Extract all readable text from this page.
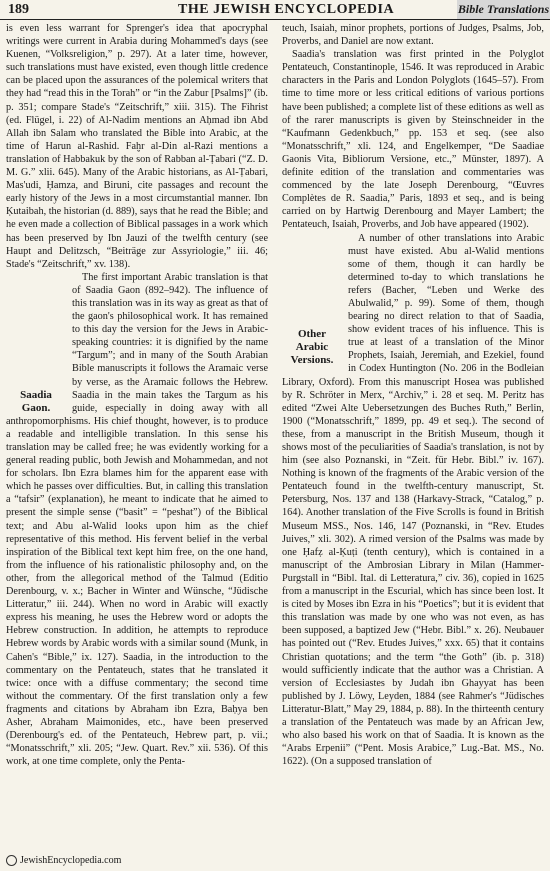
189	THE JEWISH ENCYCLOPEDIA	Bible Translations

is even less warrant for Sprenger's idea that apocryphal writings were current in Arabia during Mohammed's days (see Kuenen, “Volksreligion,” p. 297). At a later time, however, such translations must have existed, even though little credence can be placed upon the assurances of the polemical writers that they had “read this in the Torah” or “in the Zabur [Psalms]” (ib. p. 351; compare Stade's “Zeitschrift,” xiii. 315). The Fihrist (ed. Flügel, i. 22) of Al-Nadim mentions an Aḥmad ibn Abd Allah ibn Salam who translated the Bible into Arabic, at the time of Harun al-Rashid. Faḫr al-Din al-Razi mentions a translation of Habbakuk by the son of Rabban al-Ṭabari (“Z. D. M. G.” xlii. 645). Many of the Arabic historians, as Al-Ṭabari, Mas'udi, Ḥamza, and Biruni, cite passages and recount the early history of the Jews in a most circumstantial manner. Ibn Ḳutaibah, the historian (d. 889), says that he read the Bible; and he even made a collection of Biblical passages in a work which has been preserved by Ibn Jauzi of the twelfth century (see Haupt and Delitzsch, “Beiträge zur Assyriologie,” iii. 46; Stade's “Zeitschrift,” xv. 138).

Saadia Gaon.

The first important Arabic translation is that of Saadia Gaon (892–942). The influence of this translation was in its way as great as that of the gaon's philosophical work. It has remained to this day the version for the Jews in Arabic-speaking countries: it is dignified by the name “Targum”; and in many of the South Arabian Bible manuscripts it follows the Aramaic verse by verse, as the Aramaic follows the Hebrew. Saadia in the main takes the Targum as his guide, especially in doing away with all anthropomorphisms. His chief thought, however, is to produce a readable and intelligible translation. In this sense his translation may be called free; he was evidently working for a general reading public, both Jewish and Mohammedan, and not for scholars. Ibn Ezra blames him for the apparent ease with which he passes over difficulties. But, in calling this translation a “tafsir” (explanation), he meant to indicate that he aimed to present the simple sense (“basit” = “peshat”) of the Biblical text; and Abu al-Walid looks upon him as the chief representative of this method. His fervent belief in the verbal inspiration of the Biblical text kept him free, on the one hand, from the influence of his rationalistic philosophy and, on the other, from the allegorical method of the Talmud (Editio Derenbourg, v. x.; Bacher in Winter and Wünsche, “Jüdische Litteratur,” iii. 244). When no word in Arabic will exactly express his meaning, he uses the Hebrew word or adopts the Hebrew construction. In addition, he attempts to reproduce Hebrew words by Arabic words with a similar sound (Munk, in Cahen's “Bible,” ix. 127). Saadia, in the introduction to the commentary on the Pentateuch, states that he translated it twice: once with a diffuse commentary; the second time without the commentary. Of the first translation only a few fragments and citations by Abraham ibn Ezra, Baḥya ben Asher, Abraham Maimonides, etc., have been preserved (Derenbourg's ed. of the Pentateuch, Hebrew part, p. vii.; “Monatsschrift,” xli. 205; “Jew. Quart. Rev.” xii. 536). Of this work, at one time complete, only the Penta-

teuch, Isaiah, minor prophets, portions of Judges, Psalms, Job, Proverbs, and Daniel are now extant.

Saadia's translation was first printed in the Polyglot Pentateuch, Constantinople, 1546. It was reproduced in Arabic characters in the Paris and London Polyglots (1645–57). From time to time more or less critical editions of various portions have been published; a complete list of these editions as well as of the rarer manuscripts is given by Steinschneider in the “Kaufmann Gedenkbuch,” pp. 153 et seq. (see also “Monatsschrift,” xli. 124, and Engelkemper, “De Saadiae Gaonis Vita, Bibliorum Versione, etc.,” Münster, 1897). A definite edition of the translation and commentaries was commenced by the late Joseph Derenbourg, “Œuvres Complètes de R. Saadia,” Paris, 1893 et seq., and is being carried on by Hartwig Derenbourg and Mayer Lambert; the Pentateuch, Isaiah, Proverbs, and Job have appeared (1902).

Other Arabic Versions.

A number of other translations into Arabic must have existed. Abu al-Walid mentions some of them, though it can hardly be determined to-day to which translations he refers (Bacher, “Leben und Werke des Abulwalid,” p. 99). Some of them, though bearing no direct relation to that of Saadia, show evident traces of his influence. This is true at least of a translation of the Minor Prophets, Isaiah, Jeremiah, and Ezekiel, found in Codex Huntington (No. 206 in the Bodleian Library, Oxford). From this manuscript Hosea was published by R. Schröter in Merx, “Archiv,” i. 28 et seq. M. Peritz has edited “Zwei Alte Uebersetzungen des Buches Ruth,” Berlin, 1900 (“Monatsschrift,” 1899, pp. 49 et seq.). The second of these, from a manuscript in the British Museum, though it shows most of the peculiarities of Saadia's translation, is not by him (see also Poznanski, in “Zeit. für Hebr. Bibl.” iv. 167). Nothing is known of the fragments of the Arabic version of the Pentateuch found in the twelfth-century manuscript, St. Petersburg, Nos. 137 and 138 (Harkavy-Strack, “Catalog,” p. 164). Another translation of the Five Scrolls is found in British Museum MSS., Nos. 146, 147 (Poznanski, in “Rev. Etudes Juives,” xli. 302). A rimed version of the Psalms was made by one Ḥafẓ al-Ḳuṭi (tenth century), which is contained in a manuscript of the Ambrosian Library in Milan (Hammer-Purgstall in “Bibl. Ital. di Letteratura,” civ. 36), copied in 1625 from a manuscript in the Escurial, which has since been lost. It is cited by Moses ibn Ezra in his “Poetics”; but it is evident that this translation was made by one who was not even, as has been supposed, a baptized Jew (“Hebr. Bibl.” x. 26). Neubauer has pointed out (“Rev. Etudes Juives,” xxx. 65) that it contains Christian quotations; and the term “the Goth” (ib. p. 318) would sufficiently indicate that the author was a Christian. A version of Ecclesiastes by Judah ibn Ghayyat has been published by J. Löwy, Leyden, 1884 (see Rahmer's “Jüdisches Litteratur-Blatt,” May 29, 1884, p. 88). In the thirteenth century a translation of the Pentateuch was made by an African Jew, who also based his work on that of Saadia. It is known as the “Arabs Erpenii” (“Pent. Mosis Arabice,” Lug.-Bat. MS., No. 1622). (On a supposed translation of

JewishEncyclopedia.com
